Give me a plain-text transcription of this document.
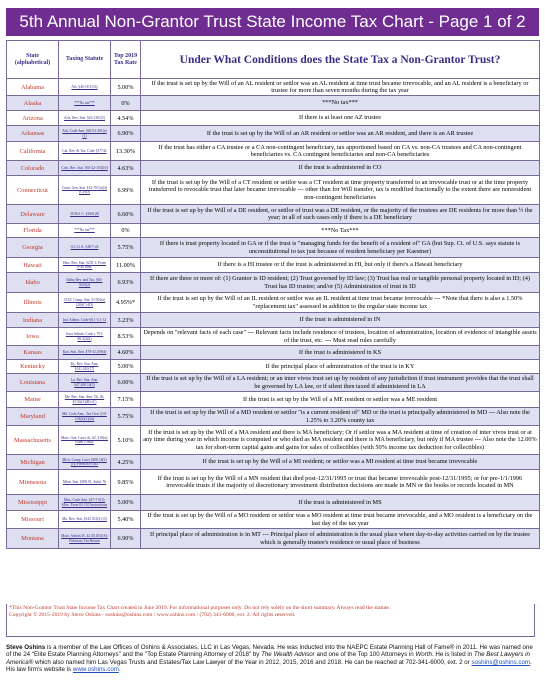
5th Annual Non-Grantor Trust State Income Tax Chart - Page 1 of 2
State (alphabetical)	Taxing Statute	Top 2019 Tax Rate	Under What Conditions does the State Tax a Non-Grantor Trust?
Alabama	Ala. §40-18-1(33)	5.00%	If the trust is set up by the Will of an AL resident or settlor was an AL resident at time trust became irrevocable, and an AL resident is a beneficiary or trustee for more than seven months during the tax year
Alaska	***No tax***	0%	***No tax***
Arizona	Ariz. Rev. Stat. §43-1301(5)	4.54%	If there is at least one AZ trustee
Arkansas	Ark. Code Ann. §26-51-201(a)(1)	6.90%	If the trust is set up by the Will of an AR resident or settlor was an AR resident, and there is an AR trustee
California	Cal. Rev. & Tax. Code §17742	13.30%	If the trust has either a CA trustee or a CA non-contingent beneficiary, tax apportioned based on CA vs. non-CA trustees and CA non-contingent beneficiaries vs. CA contingent beneficiaries and non-CA beneficiaries
Colorado	Colo. Rev. Stat. §39-22-103(10)	4.63%	If the trust is administered in CO
Connecticut	Conn. Gen. Stat. §12-701(a)(4)(C)-(D)	6.99%	If the trust is set up by the Will of a CT resident or settlor was a CT resident at time property transferred to an irrevocable trust or at the time property transferred to revocable trust that later became irrevocable --- other than for Will transfer, tax is modified fractionally to the extent there are nonresident non-contingent beneficiaries
Delaware	30 Del. C. §1601(8)	6.60%	If the trust is set up by the Will of a DE resident, or settlor of trust was a DE resident, or the majority of the trustees are DE residents for more than ½ the year; in all of such cases only if there is a DE beneficiary
Florida	***No tax***	0%	***No Tax***
Georgia	O.C.G.A. §48-7-22	5.75%	If there is trust property located in GA or if the trust is "managing funds for the benefit of a resident of" GA (but Sup. Ct. of U.S. says statute is unconstitutional to tax just because of resident beneficiary per Kaestner)
Hawaii	Haw. Rev. Stat. §235-1; Form N-40 Instr.	11.00%	If there is a HI trustee or if the trust is administered in HI, but only if there's a Hawaii beneficiary
Idaho	Idaho Rev. and Tax. §63-3015(2)	6.93%	If there are three or more of: (1) Grantor is ID resident; (2) Trust governed by ID law; (3) Trust has real or tangible personal property located in ID; (4) Trust has ID trustee; and/or (5) Administration of trust in ID
Illinois	35 Ill. Comp. Stat. 5/1501(a)(20)(C)-(D)	4.95%*	If the trust is set up by the Will of an IL resident or settlor was an IL resident at time trust became irrevocable --- *Note that there is also a 1.50% "replacement tax" assessed in addition to the regular state income tax
Indiana	Ind. Admin. Code §6.1-3.1-12	3.23%	If the trust is administered in IN
Iowa	Iowa Admin. Code r. 701-89.3(422)	8.53%	Depends on "relevant facts of each case" --- Relevant facts include residence of trustees, location of administration, location of evidence of intangible assets of the trust, etc. --- Must read rules carefully
Kansas	Kan. Stat. Ann. §79-32,109(d)	4.60%	If the trust is administered in KS
Kentucky	Ky. Rev. Stat. Ann. §141.010(17)	5.00%	If the principal place of administration of the trust is in KY
Louisiana	La. Rev. Stat. Ann. §47:300.10(3)	6.00%	If the trust is set up by the Will of a LA resident; or an inter vivos trust set up by resident of any jurisdiction if trust instrument provides that the trust shall be governed by LA law, or if silent then taxed if administered in LA
Maine	Me. Rev. Stat. Ann. Tit. 36, §5102(4)(B)-(C)	7.15%	If the trust is set up by the Will of a ME resident or settlor was a ME resident
Maryland	Md. Code Ann., Tax-Gen. §10-101(k)(1)(iii)	5.75%	If the trust is set up by the Will of a MD resident or settlor "is a current resident of" MD or the trust is principally administered in MD --- Also note the 1.25% to 3.20% county tax
Massachusetts	Mass. Gen. Laws ch. 62, §10(a); Form 2 Instr.	5.10%	If the trust is set up by the Will of a MA resident and there is MA beneficiary; Or if settlor was a MA resident at time of creation of inter vivos trust or at any time during year in which income is computed or who died as MA resident and there is MA beneficiary, but only if MA trustee --- Also note the 12.00% tax for short-term capital gains and gains for sales of collectibles (with 50% income tax deduction for collectibles)
Michigan	Mich. Comp. Laws §206.18(1)(c); Form MI-1041	4.25%	If the trust is set up by the Will of a MI resident; or settlor was a MI resident at time trust became irrevocable
Minnesota	Minn. Stat. §290.01, Subd. 7b	9.85%	If the trust is set up by the Will of a MN resident that died post-12/31/1995 or trust that became irrevocable post-12/31/1995; or for pre-1/1/1996 irrevocable trusts if the majority of discretionary investment distribution decisions are made in MN or the books or records located in MN
Mississippi	Miss. Code Ann. §27-7-5(1); Miss. Form 81-110 Instructions	5.00%	If the trust is administered in MS
Missouri	Mo. Rev. Stat. §143.331(2)-(3)	5.40%	If the trust is set up by the Will of a MO resident or settlor was a MO resident at time trust became irrevocable, and a MO resident is a beneficiary on the last day of the tax year
Montana	Mont. Admin. R. 42.30.101(16); Fiduciary Tax Return	6.90%	If principal place of administration is in MT --- Principal place of administration is the usual place where day-to-day activities carried on by the trustee which is generally trustee's residence or usual place of business
*This Non-Grantor Trust State Income Tax Chart created in June 2019. For informational purposes only. Do not rely solely on the short summary. Always read the statute.
Copyright © 2015-2019 by Steve Oshins - soshins@oshins.com / www.oshins.com / (702) 341-6000, ext. 2. All rights reserved.
Steve Oshins is a member of the Law Offices of Oshins & Associates, LLC in Las Vegas, Nevada. He was inducted into the NAEPC Estate Planning Hall of Fame® in 2011. He was named one of the 24 "Elite Estate Planning Attorneys" and the "Top Estate Planning Attorney of 2018" by The Wealth Advisor and one of the Top 100 Attorneys in Worth. He is listed in The Best Lawyers in America® which also named him Las Vegas Trusts and Estates/Tax Law Lawyer of the Year in 2012, 2015, 2016 and 2018. He can be reached at 702-341-6000, ext. 2 or soshins@oshins.com. His law firm's website is www.oshins.com.
